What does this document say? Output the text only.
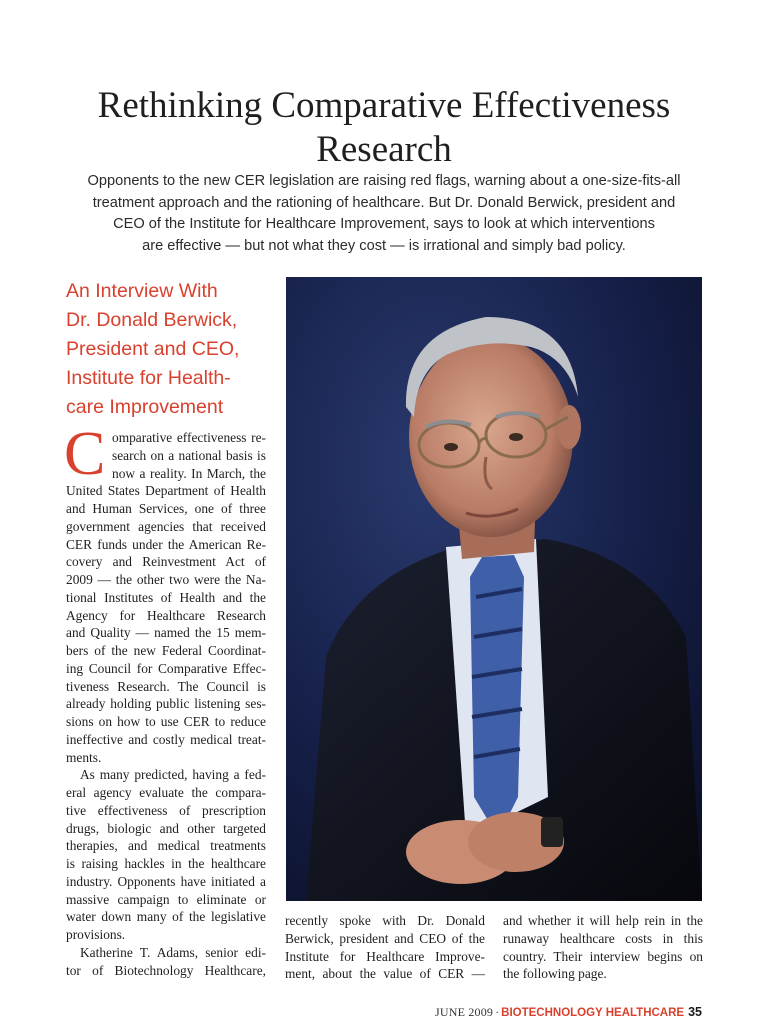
Rethinking Comparative Effectiveness
Research
Opponents to the new CER legislation are raising red flags, warning about a one-size-fits-all
treatment approach and the rationing of healthcare. But Dr. Donald Berwick, president and
CEO of the Institute for Healthcare Improvement, says to look at which interventions
are effective — but not what they cost — is irrational and simply bad policy.
An Interview With
Dr. Donald Berwick,
President and CEO,
Institute for Health-
care Improvement
C omparative effectiveness re-
search on a national basis is
now a reality. In March, the
United States Department of Health
and Human Services, one of three
government agencies that received
CER funds under the American Re-
covery and Reinvestment Act of
2009 — the other two were the Na-
tional Institutes of Health and the
Agency for Healthcare Research
and Quality — named the 15 mem-
bers of the new Federal Coordinat-
ing Council for Comparative Effec-
tiveness Research. The Council is
already holding public listening ses-
sions on how to use CER to reduce
ineffective and costly medical treat-
ments.
As many predicted, having a fed-
eral agency evaluate the compara-
tive effectiveness of prescription
drugs, biologic and other targeted
therapies, and medical treatments
is raising hackles in the healthcare
industry. Opponents have initiated a
massive campaign to eliminate or
water down many of the legislative
provisions.
Katherine T. Adams, senior edi-
tor of Biotechnology Healthcare,
recently spoke with Dr. Donald
Berwick, president and CEO of the
Institute for Healthcare Improve-
ment, about the value of CER —
and whether it will help rein in the
runaway healthcare costs in this
country. Their interview begins on
the following page.
JUNE 2009 · BIOTECHNOLOGY HEALTHCARE 35
